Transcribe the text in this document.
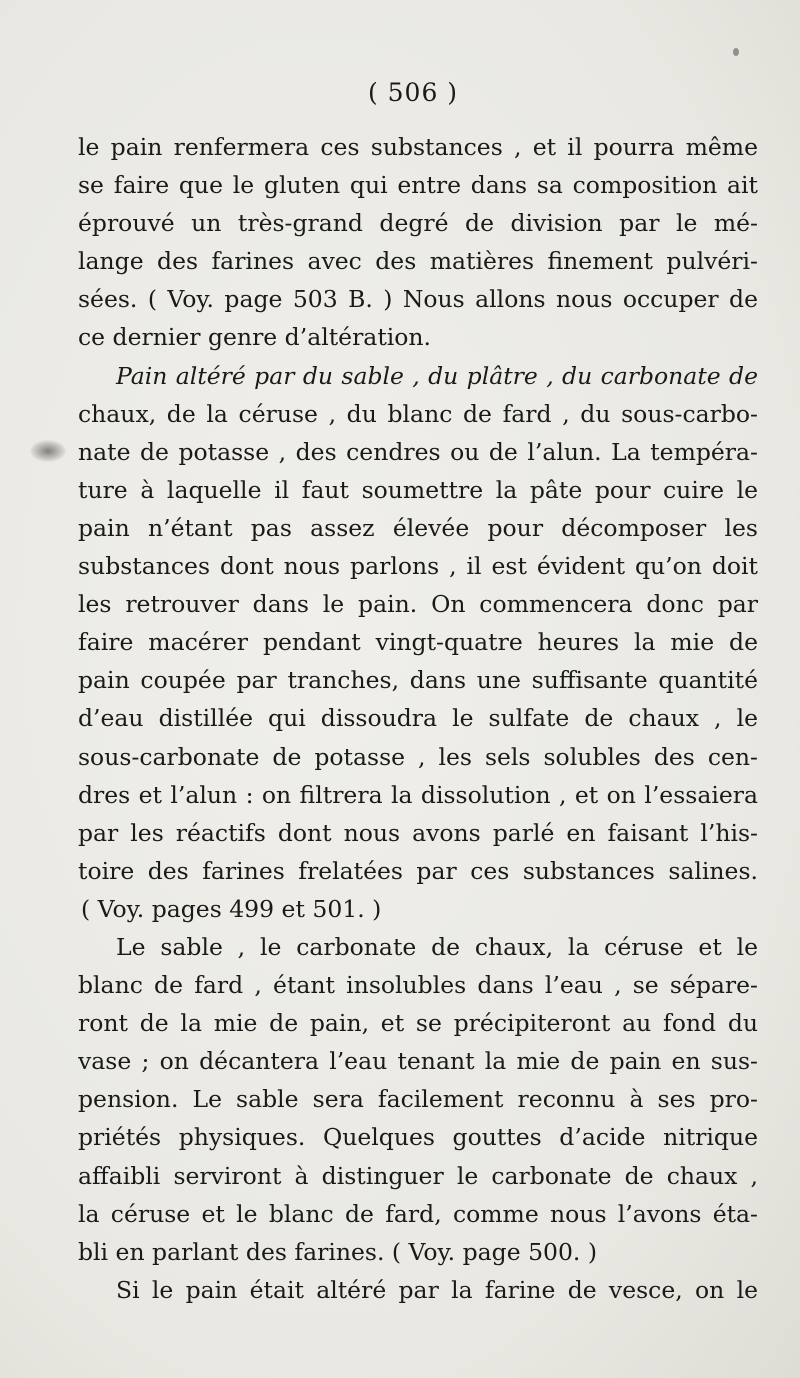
( 506 )
le pain renfermera ces substances , et il pourra même
se faire que le gluten qui entre dans sa composition ait
éprouvé un très-grand degré de division par le mé-
lange des farines avec des matières finement pulvéri-
sées. ( Voy. page 503 B. ) Nous allons nous occuper de
ce dernier genre d’altération.
Pain altéré par du sable , du plâtre , du carbonate de
chaux, de la céruse , du blanc de fard , du sous-carbo-
nate de potasse , des cendres ou de l’alun. La tempéra-
ture à laquelle il faut soumettre la pâte pour cuire le
pain n’étant pas assez élevée pour décomposer les
substances dont nous parlons , il est évident qu’on doit
les retrouver dans le pain. On commencera donc par
faire macérer pendant vingt-quatre heures la mie de
pain coupée par tranches, dans une suffisante quantité
d’eau distillée qui dissoudra le sulfate de chaux , le
sous-carbonate de potasse , les sels solubles des cen-
dres et l’alun : on filtrera la dissolution , et on l’essaiera
par les réactifs dont nous avons parlé en faisant l’his-
toire des farines frelatées par ces substances salines.
( Voy. pages 499 et 501. )
Le sable , le carbonate de chaux, la céruse et le
blanc de fard , étant insolubles dans l’eau , se sépare-
ront de la mie de pain, et se précipiteront au fond du
vase ; on décantera l’eau tenant la mie de pain en sus-
pension. Le sable sera facilement reconnu à ses pro-
priétés physiques. Quelques gouttes d’acide nitrique
affaibli serviront à distinguer le carbonate de chaux ,
la céruse et le blanc de fard, comme nous l’avons éta-
bli en parlant des farines. ( Voy. page 500. )
Si le pain était altéré par la farine de vesce, on le
